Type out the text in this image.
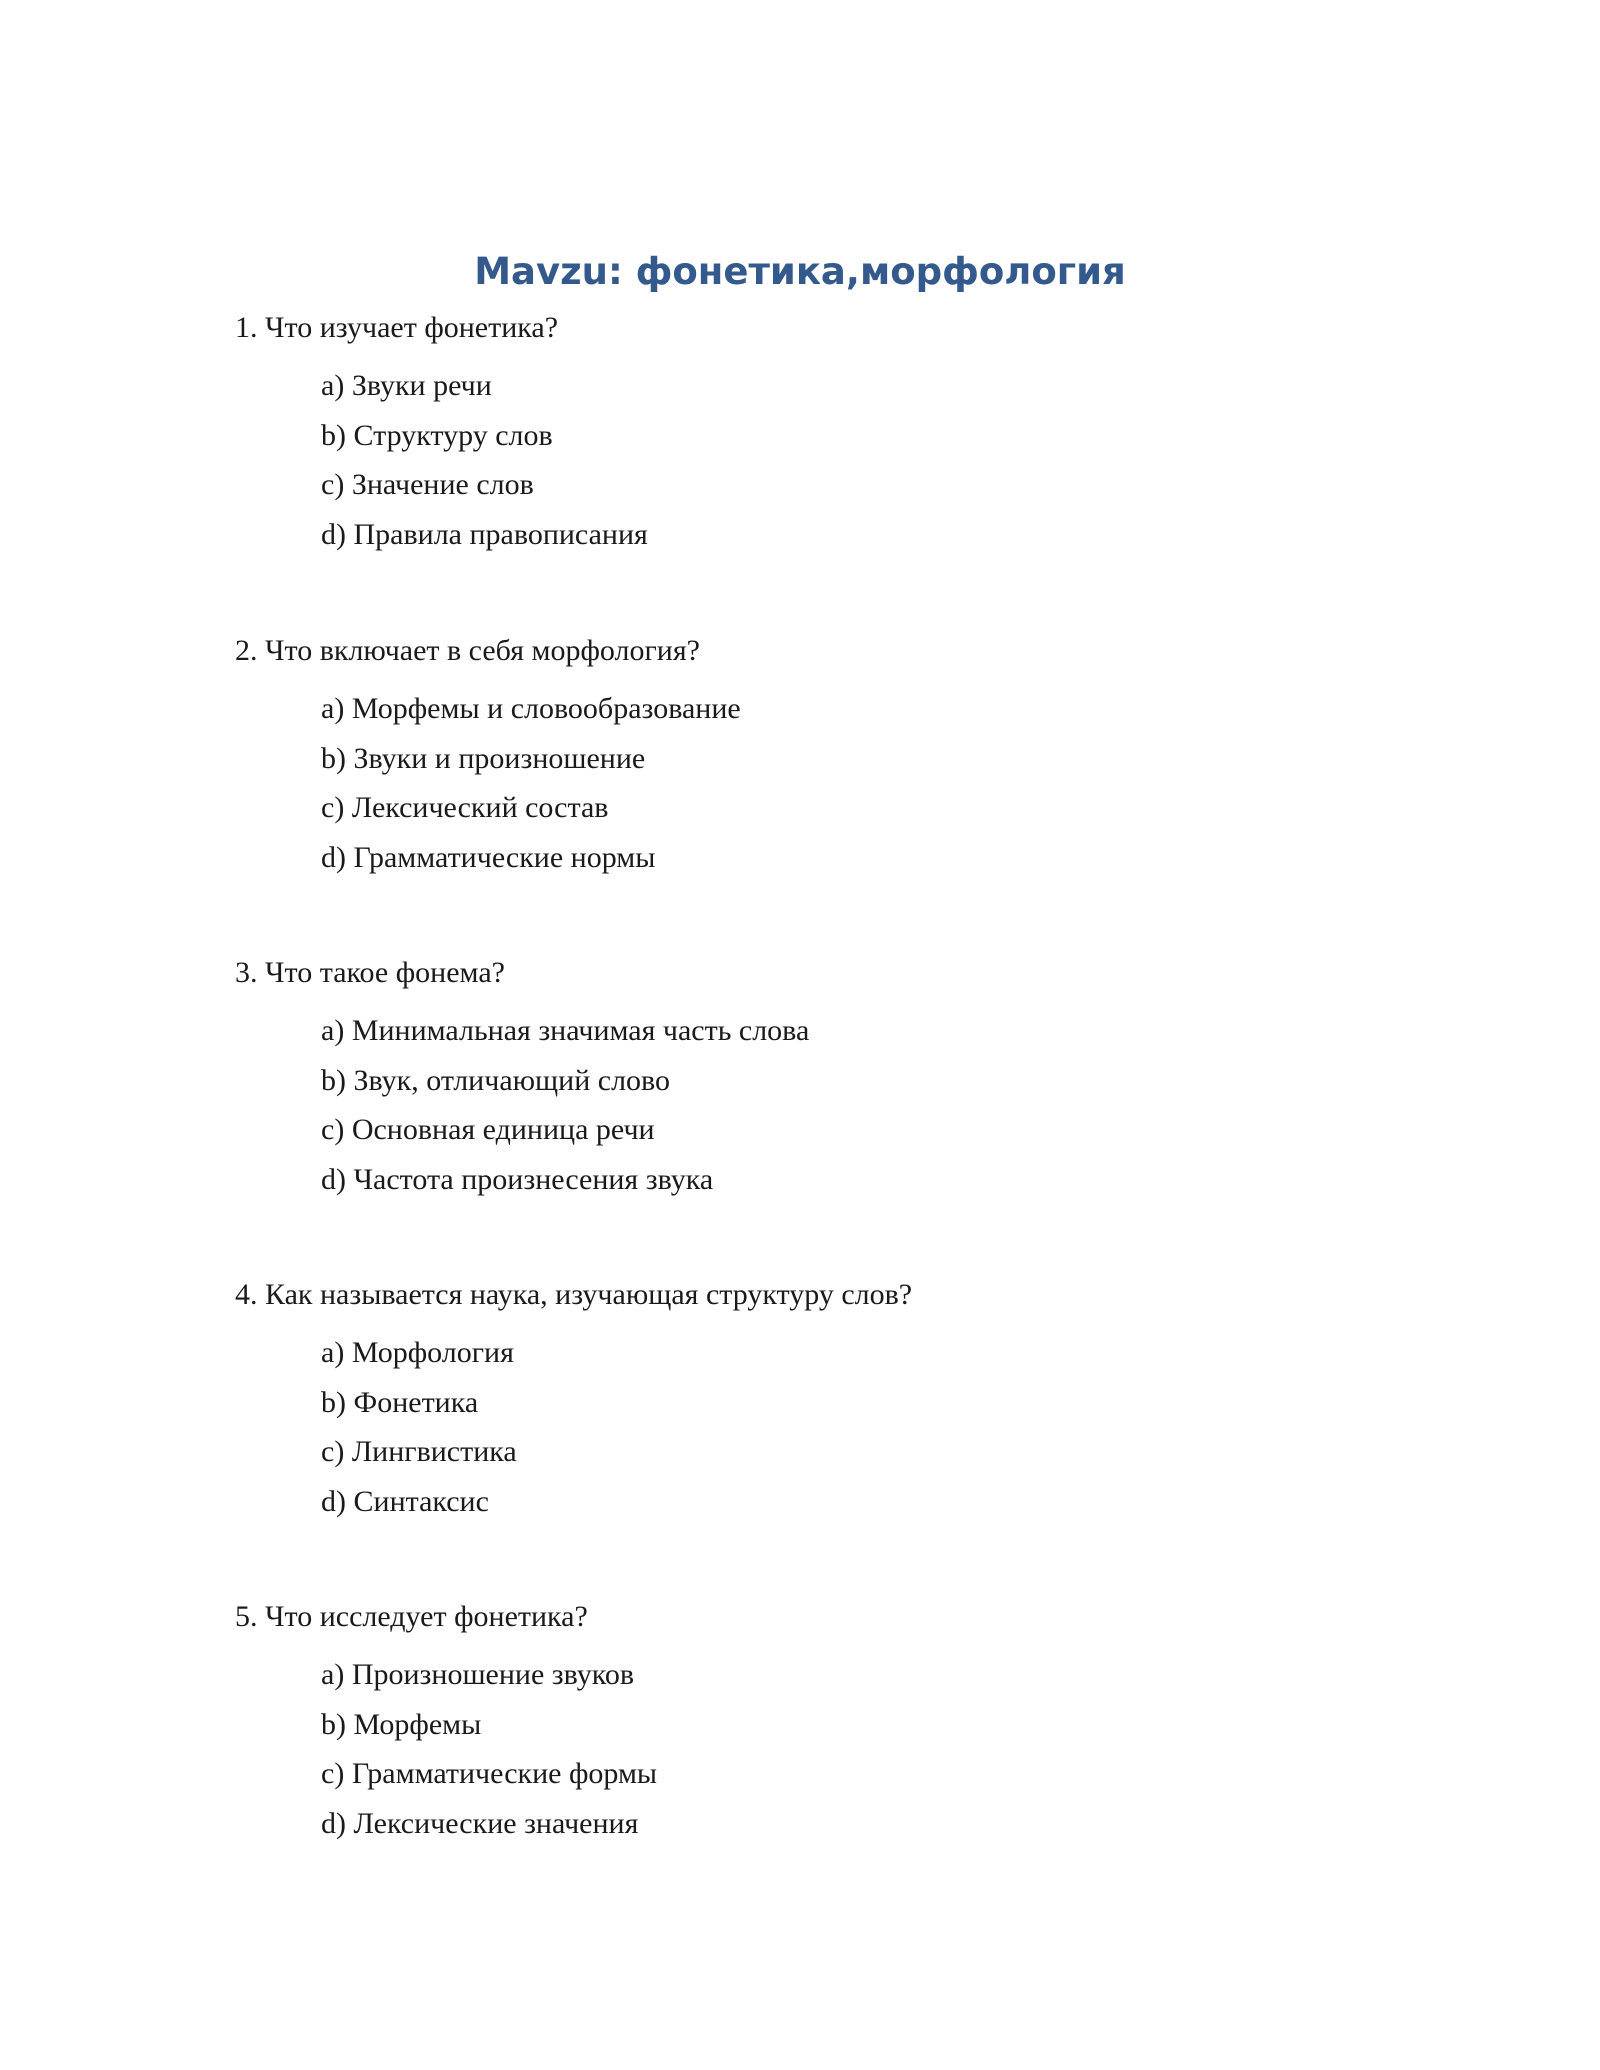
Mavzu: фонетика,морфология

1. Что изучает фонетика?

a) Звуки речи
b) Структуру слов
c) Значение слов
d) Правила правописания

2. Что включает в себя морфология?

a) Морфемы и словообразование
b) Звуки и произношение
c) Лексический состав
d) Грамматические нормы

3. Что такое фонема?

a) Минимальная значимая часть слова
b) Звук, отличающий слово
c) Основная единица речи
d) Частота произнесения звука

4. Как называется наука, изучающая структуру слов?

a) Морфология
b) Фонетика
c) Лингвистика
d) Синтаксис

5. Что исследует фонетика?

a) Произношение звуков
b) Морфемы
c) Грамматические формы
d) Лексические значения
